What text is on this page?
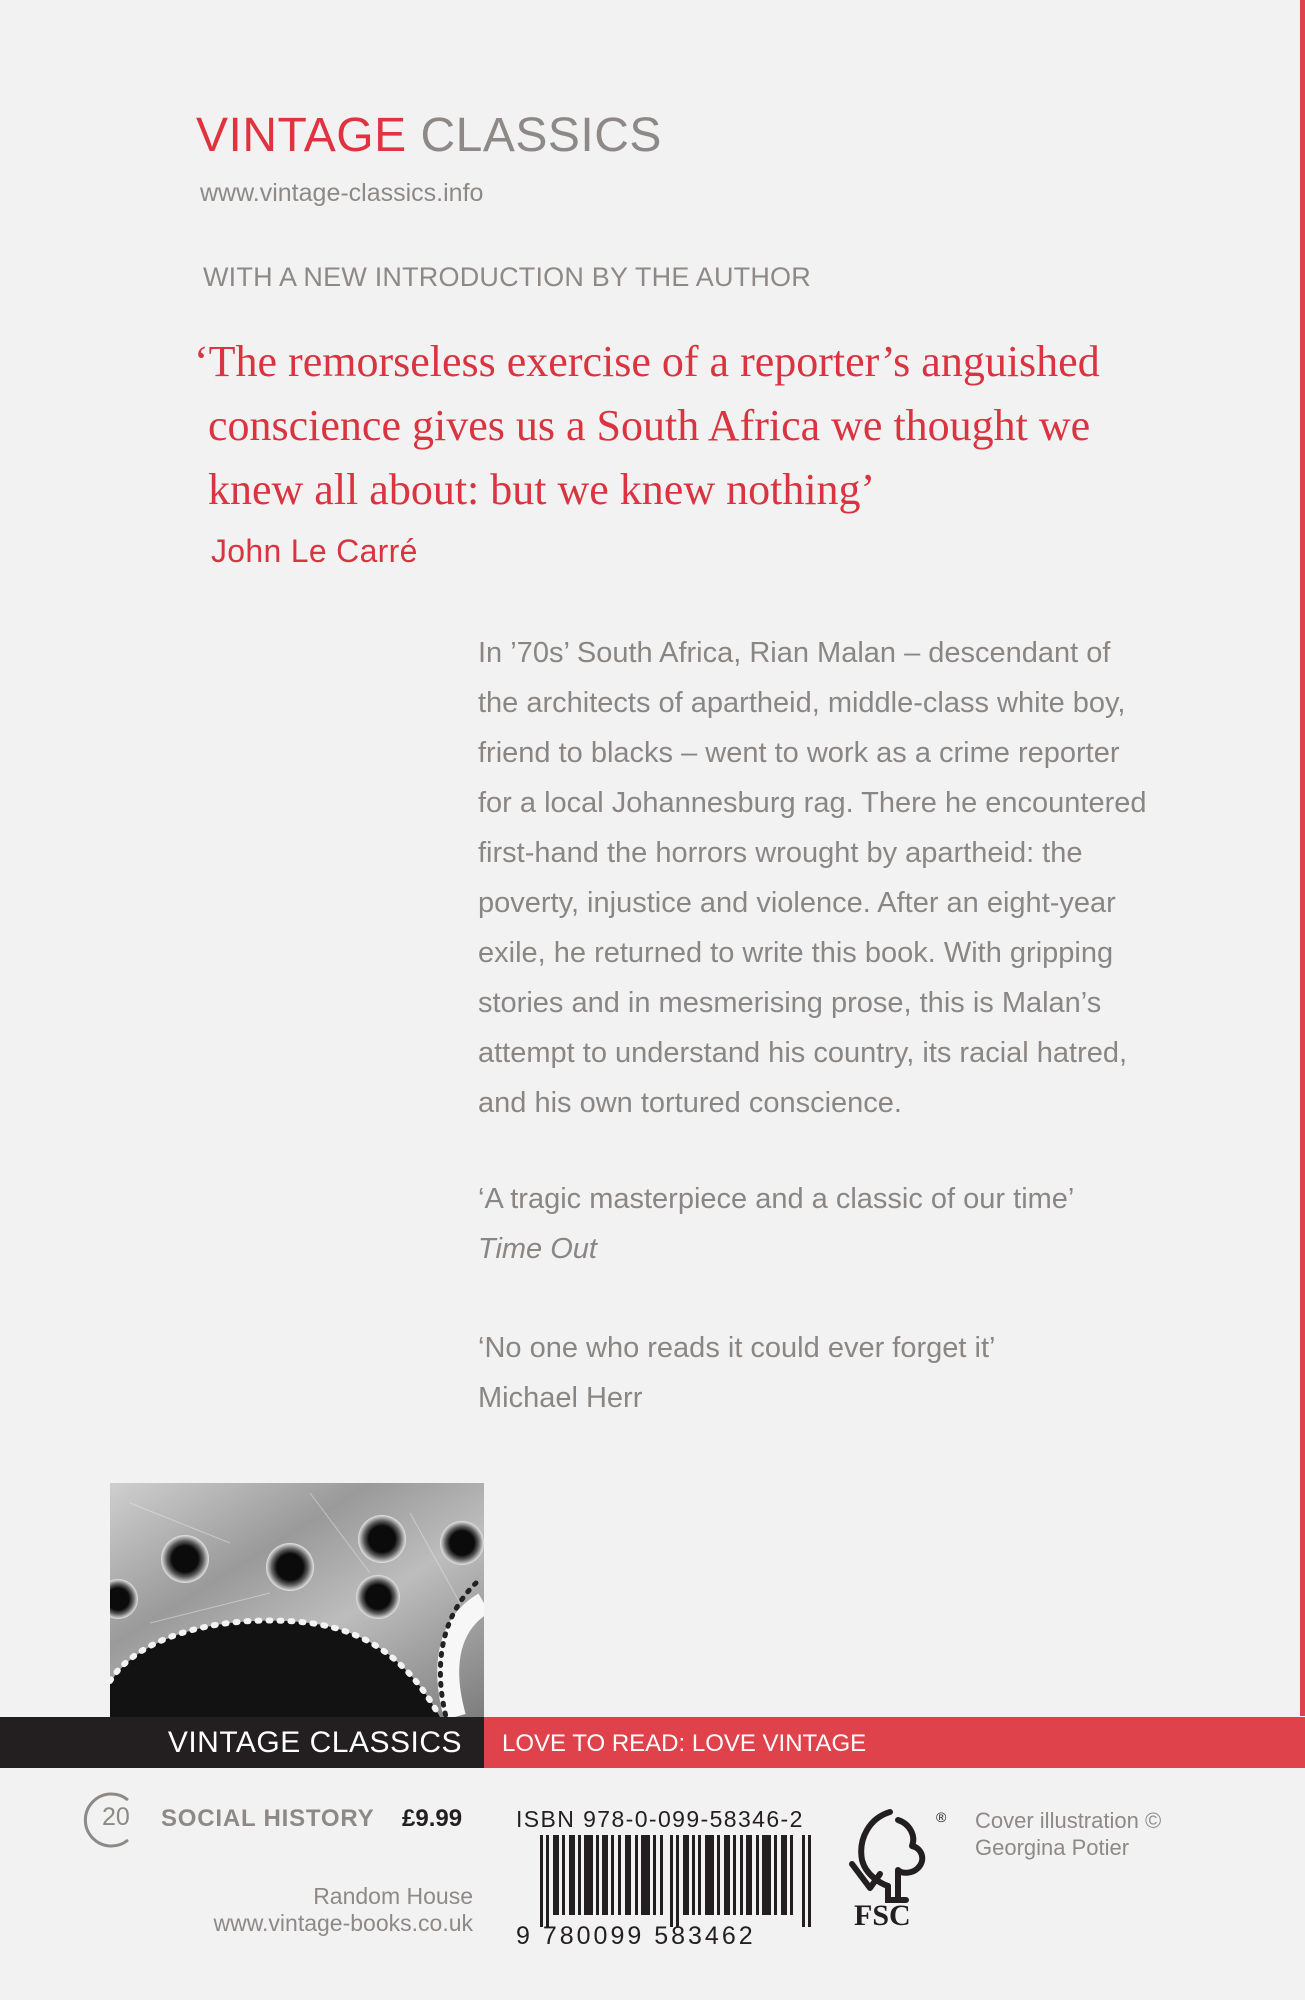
VINTAGE CLASSICS
www.vintage-classics.info
WITH A NEW INTRODUCTION BY THE AUTHOR
‘The remorseless exercise of a reporter’s anguished
conscience gives us a South Africa we thought we
knew all about: but we knew nothing’
John Le Carré
In ’70s’ South Africa, Rian Malan – descendant of
the architects of apartheid, middle-class white boy,
friend to blacks – went to work as a crime reporter
for a local Johannesburg rag. There he encountered
first-hand the horrors wrought by apartheid: the
poverty, injustice and violence. After an eight-year
exile, he returned to write this book. With gripping
stories and in mesmerising prose, this is Malan’s
attempt to understand his country, its racial hatred,
and his own tortured conscience.
‘A tragic masterpiece and a classic of our time’
Time Out
‘No one who reads it could ever forget it’
Michael Herr
VINTAGE CLASSICS LOVE TO READ: LOVE VINTAGE
20 SOCIAL HISTORY £9.99
Random House
www.vintage-books.co.uk
ISBN 978-0-099-58346-2
9 780099 583462
FSC
® Cover illustration ©
Georgina Potier
